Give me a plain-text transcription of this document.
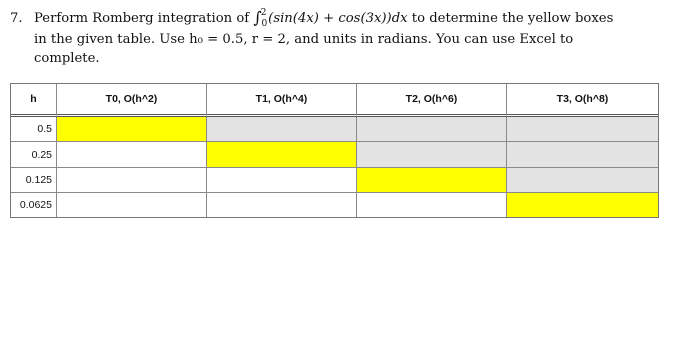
7. Perform Romberg integration of ∫$^2_0$(sin(4x) + cos(3x))dx to determine the yellow boxes
in the given table. Use h₀ = 0.5, r = 2, and units in radians. You can use Excel to
complete.
h	T0, O(h^2)	T1, O(h^4)	T2, O(h^6)	T3, O(h^8)
0.5
0.25
0.125
0.0625
